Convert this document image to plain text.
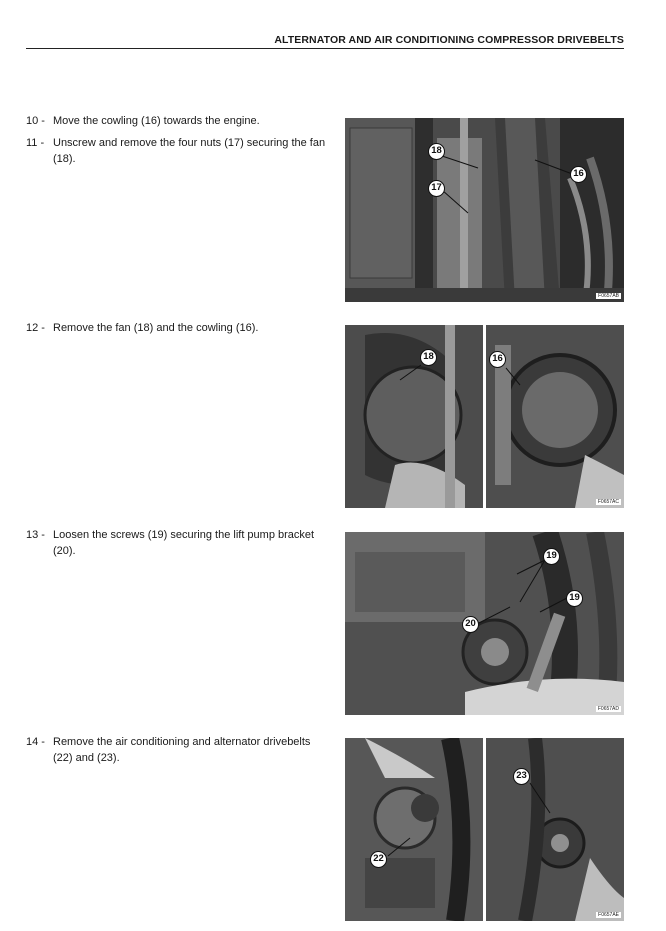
ALTERNATOR AND AIR CONDITIONING COMPRESSOR DRIVEBELTS
10 - Move the cowling (16) towards the engine.
11 - Unscrew and remove the four nuts (17) securing the fan (18).
12 - Remove the fan (18) and the cowling (16).
13 - Loosen the screws (19) securing the lift pump bracket (20).
14 - Remove the air conditioning and alternator drivebelts (22) and (23).
18
17
16
F0657AB
18	16
F0657AC
19
19
20
F0657AD
23
22
F0657AE
